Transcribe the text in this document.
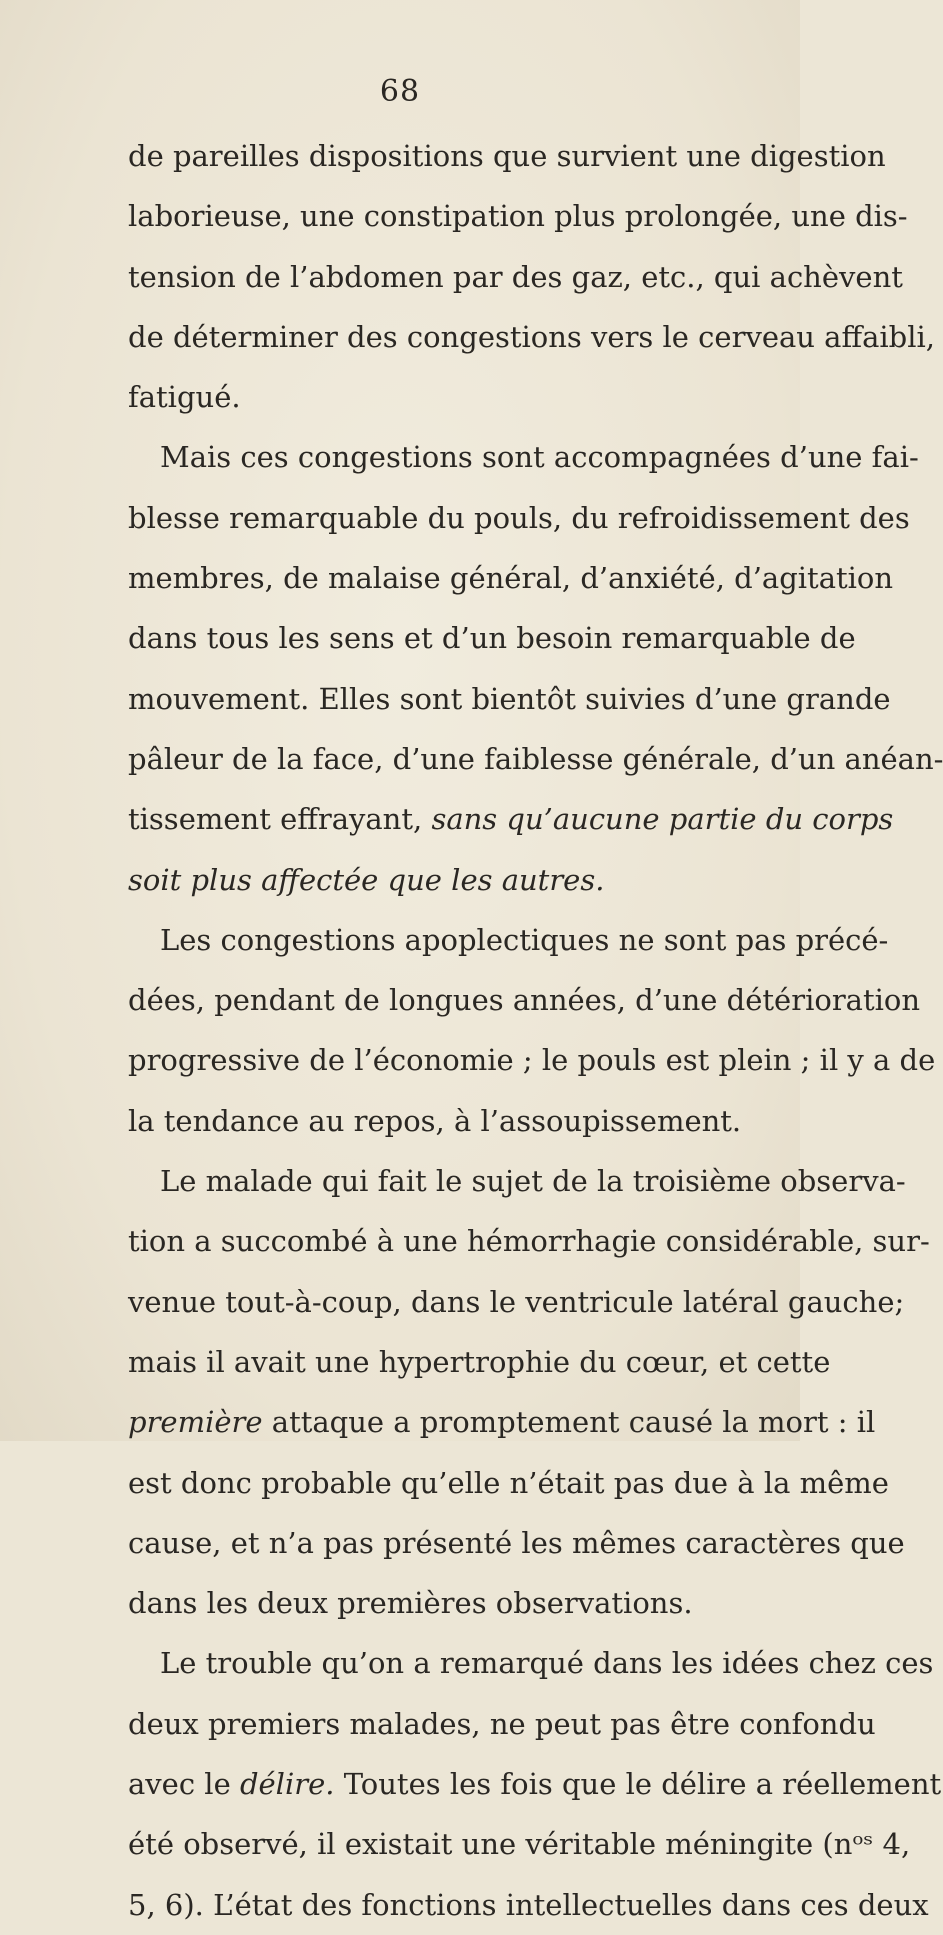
68
de pareilles dispositions que survient une digestion
laborieuse, une constipation plus prolongée, une dis-
tension de l’abdomen par des gaz, etc., qui achèvent
de déterminer des congestions vers le cerveau affaibli,
fatigué.
Mais ces congestions sont accompagnées d’une fai-
blesse remarquable du pouls, du refroidissement des
membres, de malaise général, d’anxiété, d’agitation
dans tous les sens et d’un besoin remarquable de
mouvement. Elles sont bientôt suivies d’une grande
pâleur de la face, d’une faiblesse générale, d’un anéan-
tissement effrayant, sans qu’aucune partie du corps
soit plus affectée que les autres.
Les congestions apoplectiques ne sont pas précé-
dées, pendant de longues années, d’une détérioration
progressive de l’économie ; le pouls est plein ; il y a de
la tendance au repos, à l’assoupissement.
Le malade qui fait le sujet de la troisième observa-
tion a succombé à une hémorrhagie considérable, sur-
venue tout-à-coup, dans le ventricule latéral gauche;
mais il avait une hypertrophie du cœur, et cette
première attaque a promptement causé la mort : il
est donc probable qu’elle n’était pas due à la même
cause, et n’a pas présenté les mêmes caractères que
dans les deux premières observations.
Le trouble qu’on a remarqué dans les idées chez ces
deux premiers malades, ne peut pas être confondu
avec le délire. Toutes les fois que le délire a réellement
été observé, il existait une véritable méningite (nᵒˢ 4,
5, 6). L’état des fonctions intellectuelles dans ces deux
